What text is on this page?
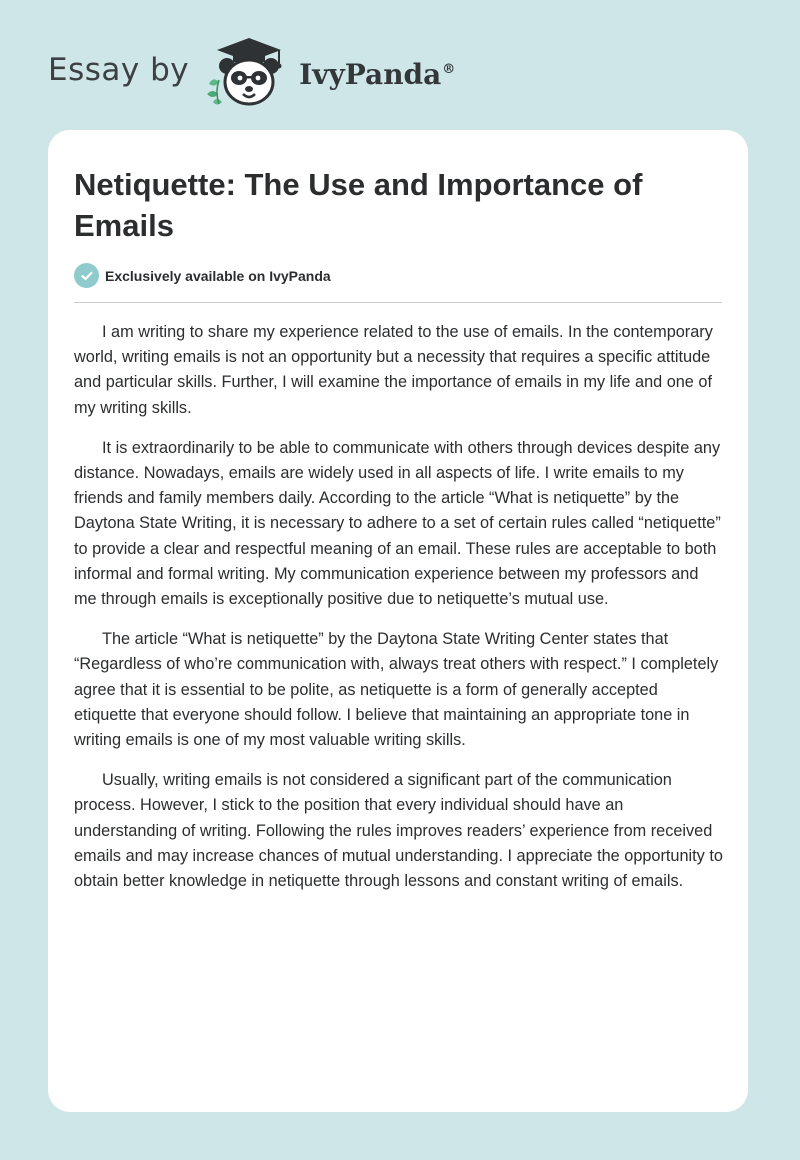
Essay by	IvyPanda®
Netiquette: The Use and Importance of Emails
Exclusively available on IvyPanda

I am writing to share my experience related to the use of emails. In the contemporary world, writing emails is not an opportunity but a necessity that requires a specific attitude and particular skills. Further, I will examine the importance of emails in my life and one of my writing skills.

It is extraordinarily to be able to communicate with others through devices despite any distance. Nowadays, emails are widely used in all aspects of life. I write emails to my friends and family members daily. According to the article “What is netiquette” by the Daytona State Writing, it is necessary to adhere to a set of certain rules called “netiquette” to provide a clear and respectful meaning of an email. These rules are acceptable to both informal and formal writing. My communication experience between my professors and me through emails is exceptionally positive due to netiquette’s mutual use.

The article “What is netiquette” by the Daytona State Writing Center states that “Regardless of who’re communication with, always treat others with respect.” I completely agree that it is essential to be polite, as netiquette is a form of generally accepted etiquette that everyone should follow. I believe that maintaining an appropriate tone in writing emails is one of my most valuable writing skills.

Usually, writing emails is not considered a significant part of the communication process. However, I stick to the position that every individual should have an understanding of writing. Following the rules improves readers’ experience from received emails and may increase chances of mutual understanding. I appreciate the opportunity to obtain better knowledge in netiquette through lessons and constant writing of emails.
